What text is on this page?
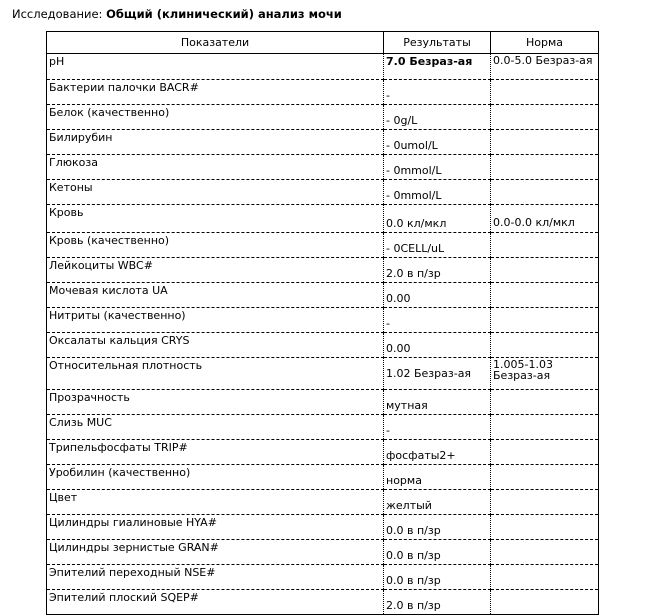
Исследование: Общий (клинический) анализ мочи
Показатели	Результаты	Норма
pH	7.0 Безраз-ая	0.0-5.0 Безраз-ая
Бактерии палочки BACR#	-	
Белок (качественно)	- 0g/L	
Билирубин	- 0umol/L	
Глюкоза	- 0mmol/L	
Кетоны	- 0mmol/L	
Кровь	0.0 кл/мкл	0.0-0.0 кл/мкл
Кровь (качественно)	- 0CELL/uL	
Лейкоциты WBC#	2.0 в п/зр	
Мочевая кислота UA	0.00	
Нитриты (качественно)	-	
Оксалаты кальция CRYS	0.00	
Относительная плотность	1.02 Безраз-ая	1.005-1.03 Безраз-ая
Прозрачность	мутная	
Слизь MUC	-	
Трипельфосфаты TRIP#	фосфаты2+	
Уробилин (качественно)	норма	
Цвет	желтый	
Цилиндры гиалиновые HYA#	0.0 в п/зр	
Цилиндры зернистые GRAN#	0.0 в п/зр	
Эпителий переходный NSE#	0.0 в п/зр	
Эпителий плоский SQEP#	2.0 в п/зр	
